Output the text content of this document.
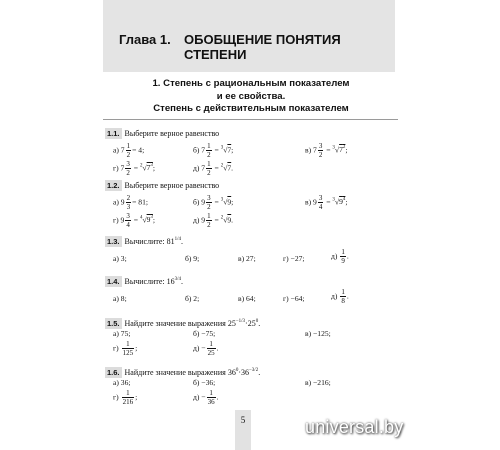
Глава 1. ОБОБЩЕНИЕ ПОНЯТИЯ
СТЕПЕНИ
1. Степень с рациональным показателем
и ее свойства.
Степень с действительным показателем
1.1. Выберите верное равенство
а) $7 \frac{1}{2} = 4$;	б) $7 \frac{1}{2} = ^3√7$;	в) $7 \frac{3}{2} = ^3√7^2$;
г) $7 \frac{3}{2} = ^2√7^3$;	д) $7 \frac{1}{2} = ^2√7$.
1.2. Выберите верное равенство
а) $9 \frac{2}{3} = 81$;	б) $9 \frac{3}{2} = ^3√9$;	в) $9 \frac{3}{4} = ^3√9^4$;
г) $9 \frac{3}{4} = ^4√9^3$;	д) $9 \frac{1}{2} = ^2√9$.
1.3. Вычислите: $81^{1/4}$.
а) 3;	б) 9;	в) 27;	г) −27;	$д) \frac{1}{9}$ .
1.4. Вычислите: $16^{3/4}$.
а) 8;	б) 2;	в) 64;	г) −64;	$д) \frac{1}{8}$ .
1.5. Найдите значение выражения $25^{-1/3}\cdot 25^0$.
а) 75;	б) −75;	в) −125;
$г) \frac{1}{125}$ ;	$д) - \frac{1}{25}$ .
1.6. Найдите значение выражения $36^0\cdot 36^{-3/2}$.
а) 36;	б) −36;	в) −216;
$г) \frac{1}{216}$ ;	$д) - \frac{1}{36}$ .
5	universal.by
